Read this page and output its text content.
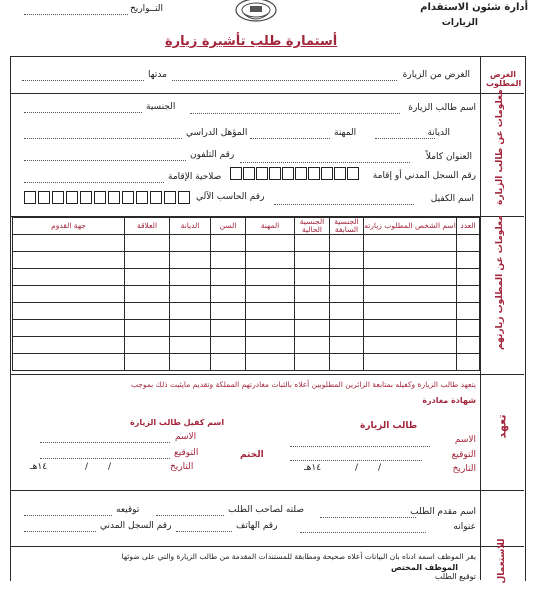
أدارة شئون الاستقدام
الزيارات
التــواريخ
أستمارة طلب تأشيرة زيارة
الغرض من الزيارة
مدتها	الغرض
المطلوب
معلومات عن طالب الزيارة
اسم طالب الزيارة
الجنسية
الديانة
المهنة
المؤهل الدراسي
العنوان كاملاً
رقم التلفون
رقم السجل المدني أو إقامة
صلاحية الإقامة
اسم الكفيل
رقم الحاسب الآلي
معلومات عن المطلوب زيارتهم
العدد	اسم الشخص المطلوب زيارته	الجنسية السابقة	الجنسية الحالية	المهنة	السن	الديانة	العلاقة	جهة القدوم

تعهد
يتعهد طالب الزيارة وكفيله بمتابعة الزائرين المطلوبين أعلاه بالثبات مغادرتهم المملكة وتقديم مايثبت ذلك بموجب
شهادة مغادرة
طالب الزيارة
اسم كفيل طالب الزيارة
الاسم
الاسم
التوقيع
الختم
التوقيع
التاريخ
/       /
١٤هـ
التاريخ
/       /
١٤هـ
اسم مقدم الطلب
صلته لصاحب الطلب
توقيعه
عنوانه
رقم الهاتف
رقم السجل المدني
للاستعمال
يقر الموظف اسمه ادناه بان البيانات أعلاه صحيحة ومطابقة للمستندات المقدمة من طالب الزيارة والتي على ضوئها
الموظف المختص
توقيع الطلب
